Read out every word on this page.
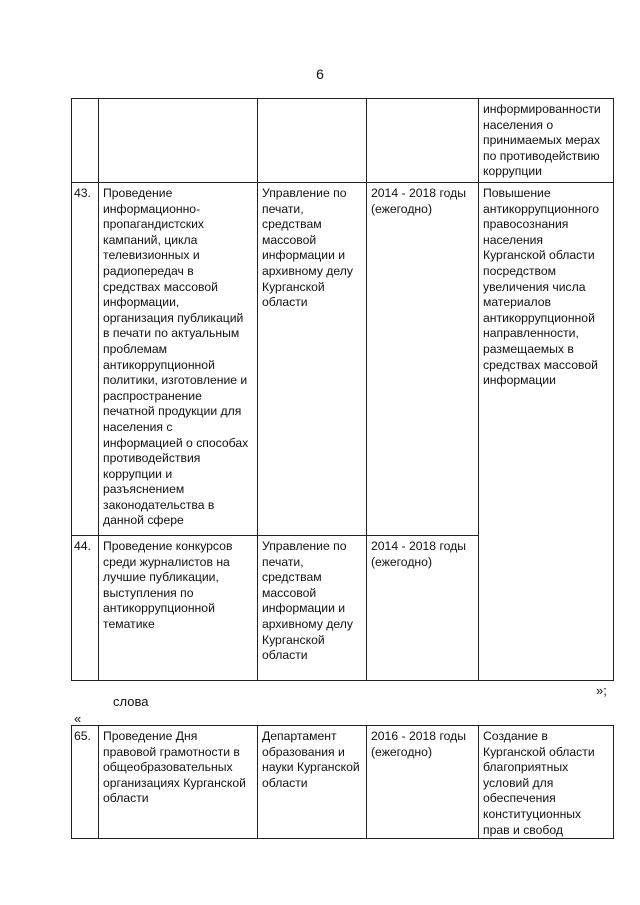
6
				информированности населения о принимаемых мерах по противодействию коррупции
43.	Проведение информационно-пропагандистских кампаний, цикла телевизионных и радиопередач в средствах массовой информации, организация публикаций в печати по актуальным проблемам антикоррупционной политики, изготовление и распространение печатной продукции для населения с информацией о способах противодействия коррупции и разъяснением законодательства в данной сфере	Управление по печати, средствам массовой информации и архивному делу Курганской области	2014 - 2018 годы (ежегодно)	Повышение антикоррупционного правосознания населения Курганской области посредством увеличения числа материалов антикоррупционной направленности, размещаемых в средствах массовой информации
44.	Проведение конкурсов среди журналистов на лучшие публикации, выступления по антикоррупционной тематике	Управление по печати, средствам массовой информации и архивному делу Курганской области	2014 - 2018 годы (ежегодно)	
»;
слова
«
65.	Проведение Дня правовой грамотности в общеобразовательных организациях Курганской области	Департамент образования и науки Курганской области	2016 - 2018 годы (ежегодно)	Создание в Курганской области благоприятных условий для обеспечения конституционных прав и свобод
